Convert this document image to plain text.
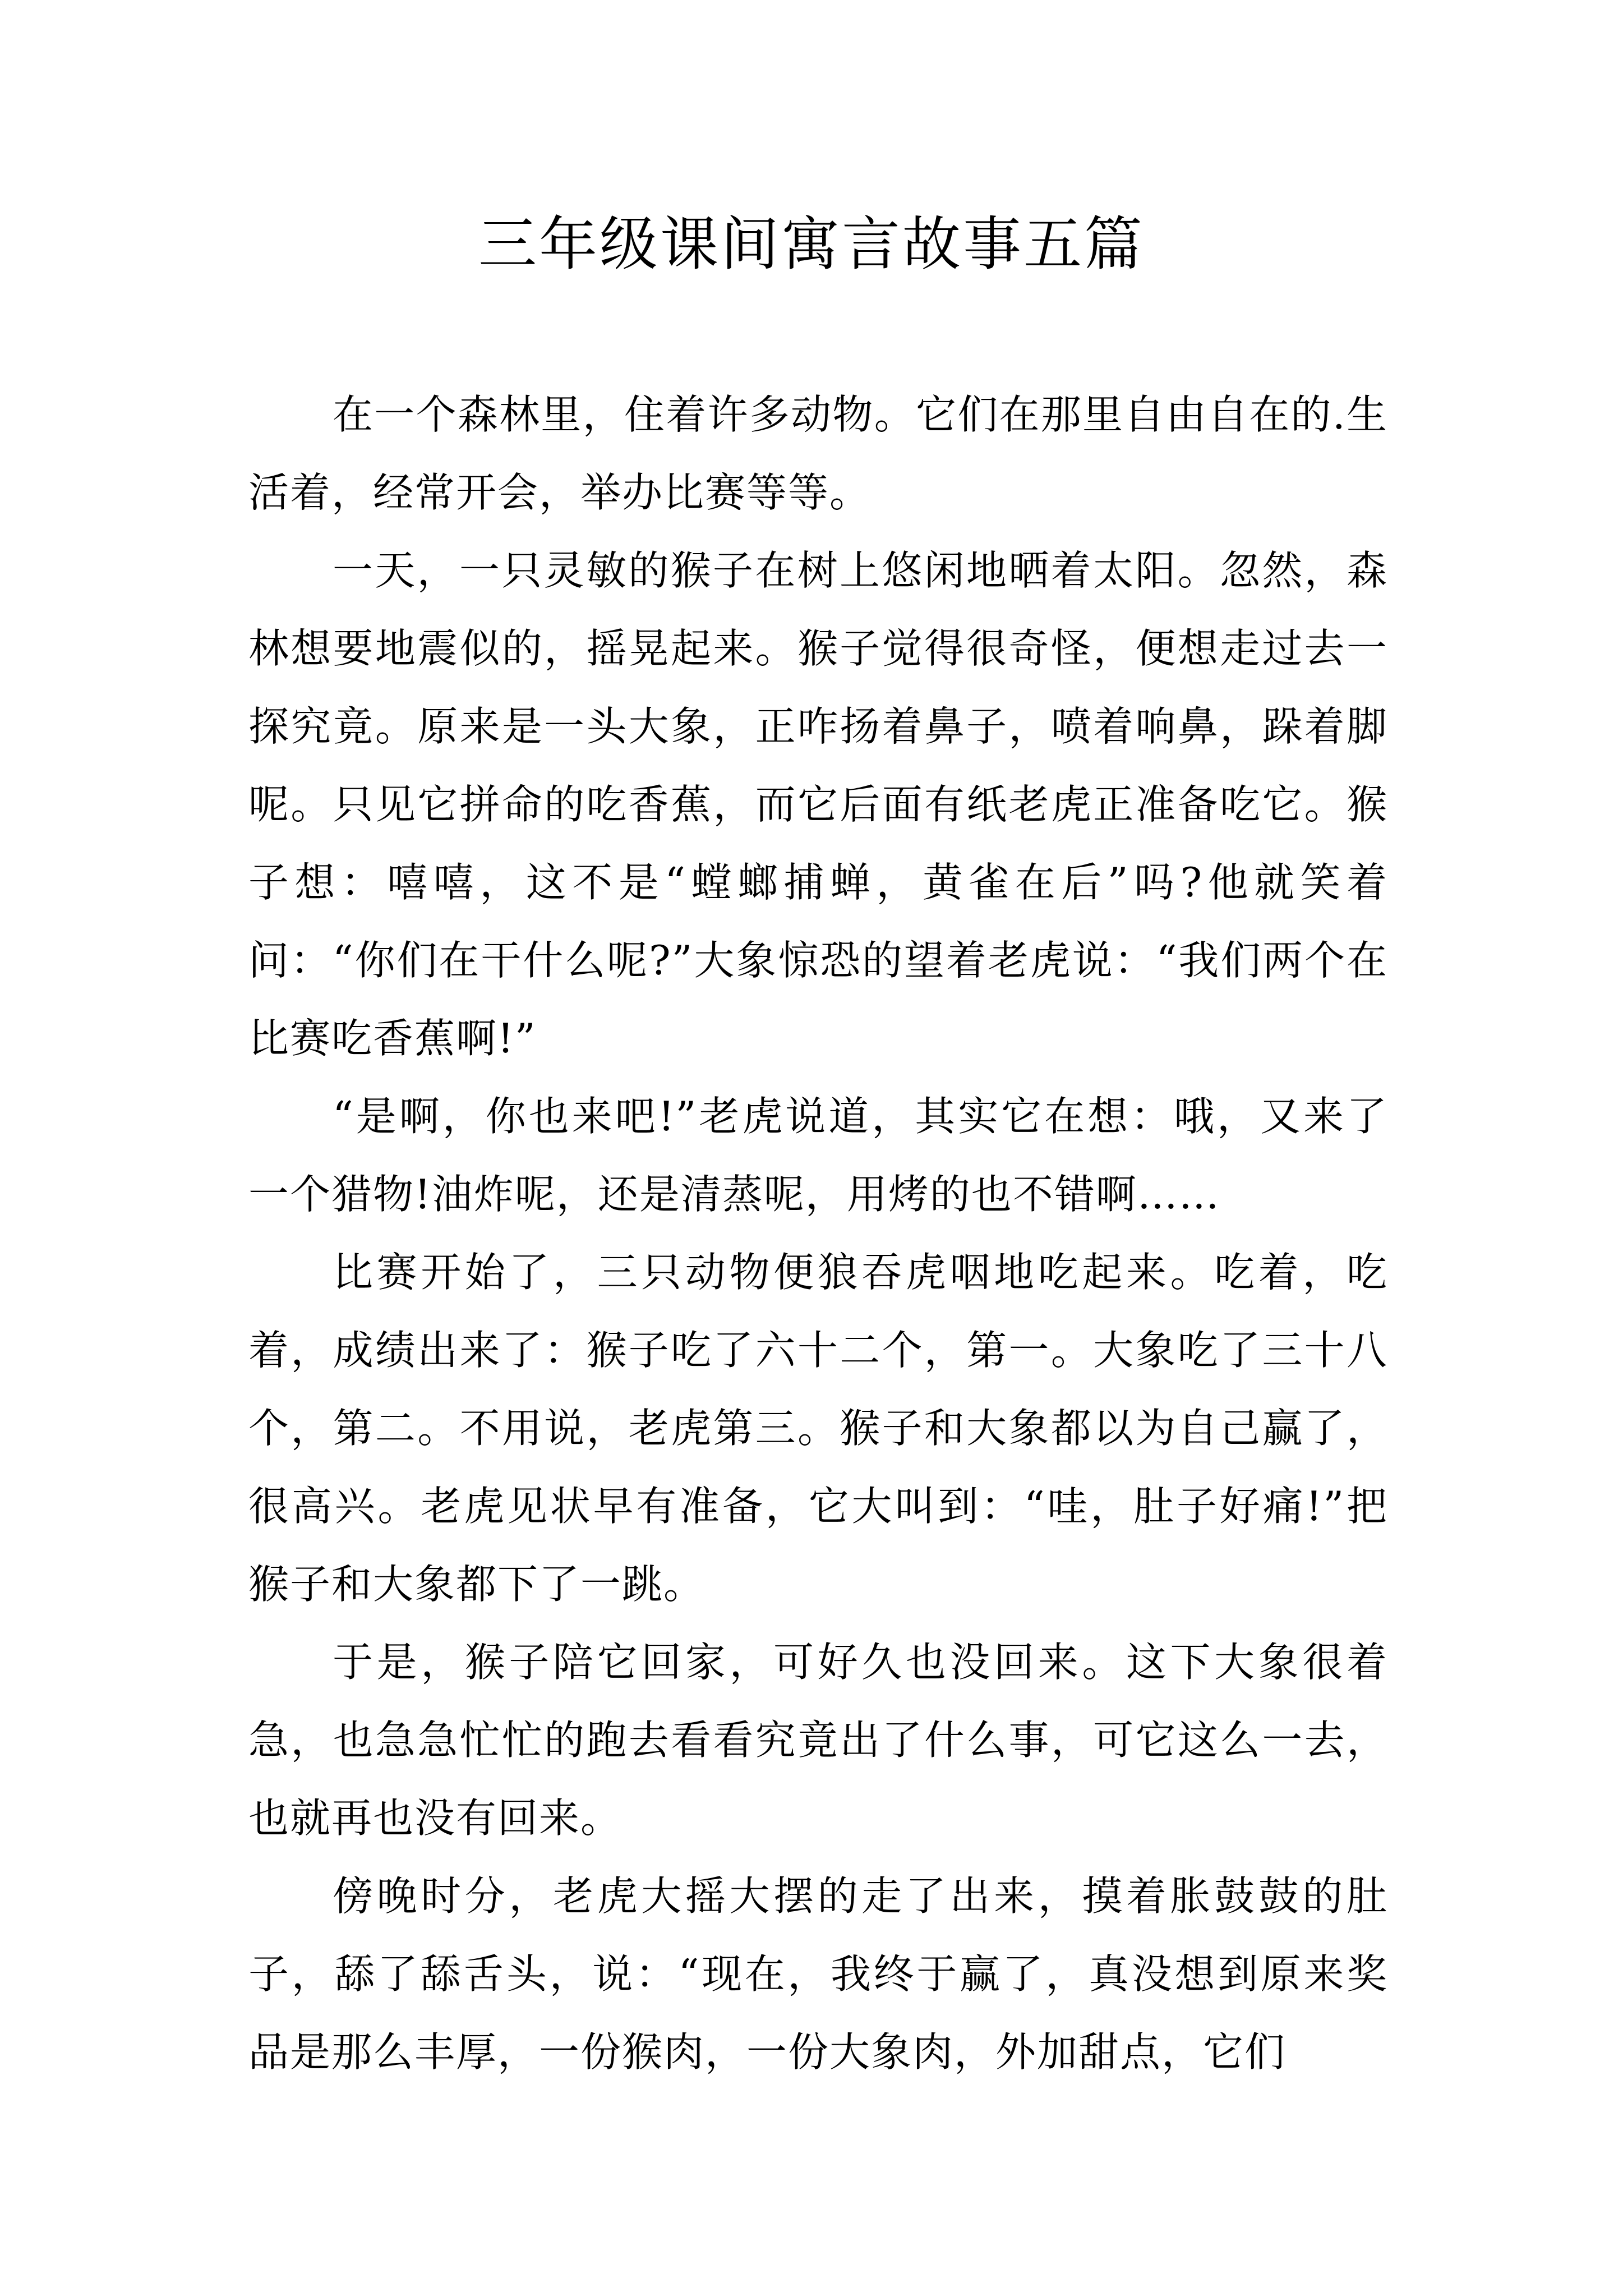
三年级课间寓言故事五篇

在一个森林里，住着许多动物。它们在那里自由自在的.生活着，经常开会，举办比赛等等。

一天，一只灵敏的猴子在树上悠闲地晒着太阳。忽然，森林想要地震似的，摇晃起来。猴子觉得很奇怪，便想走过去一探究竟。原来是一头大象，正咋扬着鼻子，喷着响鼻，跺着脚呢。只见它拼命的吃香蕉，而它后面有纸老虎正准备吃它。猴子想：嘻嘻，这不是“螳螂捕蝉，黄雀在后”吗?他就笑着问：“你们在干什么呢?”大象惊恐的望着老虎说：“我们两个在比赛吃香蕉啊!”

“是啊，你也来吧!”老虎说道，其实它在想：哦，又来了一个猎物!油炸呢，还是清蒸呢，用烤的也不错啊……

比赛开始了，三只动物便狼吞虎咽地吃起来。吃着，吃着，成绩出来了：猴子吃了六十二个，第一。大象吃了三十八个，第二。不用说，老虎第三。猴子和大象都以为自己赢了，很高兴。老虎见状早有准备，它大叫到：“哇，肚子好痛!”把猴子和大象都下了一跳。

于是，猴子陪它回家，可好久也没回来。这下大象很着急，也急急忙忙的跑去看看究竟出了什么事，可它这么一去，也就再也没有回来。

傍晚时分，老虎大摇大摆的走了出来，摸着胀鼓鼓的肚子，舔了舔舌头，说：“现在，我终于赢了，真没想到原来奖品是那么丰厚，一份猴肉，一份大象肉，外加甜点，它们
